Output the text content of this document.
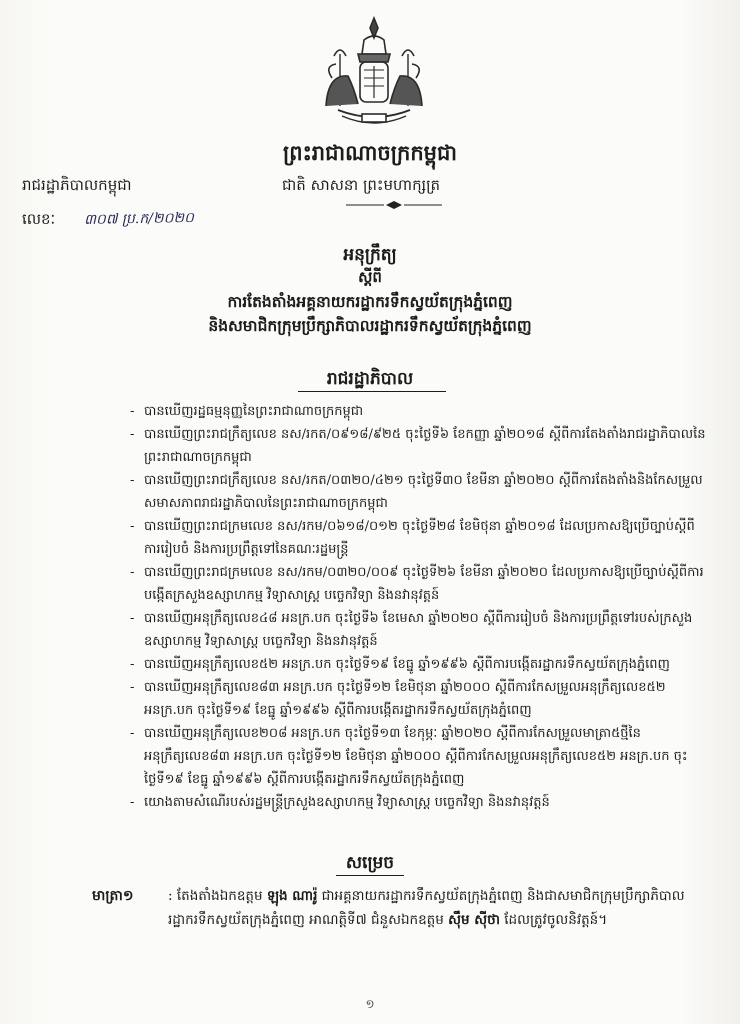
ព្រះរាជាណាចក្រកម្ពុជា
រាជរដ្ឋាភិបាលកម្ពុជា	ជាតិ សាសនា ព្រះមហាក្សត្រ
លេខៈ ៣០៧ ប្រ.ក/២០២០
អនុក្រឹត្យ
ស្តីពី
ការតែងតាំងអគ្គនាយករដ្ឋាករទឹកស្វយ័តក្រុងភ្នំពេញ
និងសមាជិកក្រុមប្រឹក្សាភិបាលរដ្ឋាករទឹកស្វយ័តក្រុងភ្នំពេញ
រាជរដ្ឋាភិបាល
- បានឃើញរដ្ឋធម្មនុញ្ញនៃព្រះរាជាណាចក្រកម្ពុជា
- បានឃើញព្រះរាជក្រឹត្យលេខ នស/រកត/០៩១៨/៩២៥ ចុះថ្ងៃទី៦ ខែកញ្ញា ឆ្នាំ២០១៨ ស្តីពីការតែងតាំងរាជរដ្ឋាភិបាលនៃព្រះរាជាណាចក្រកម្ពុជា
- បានឃើញព្រះរាជក្រឹត្យលេខ នស/រកត/០៣២០/៤២១ ចុះថ្ងៃទី៣០ ខែមីនា ឆ្នាំ២០២០ ស្តីពីការតែងតាំងនិងកែសម្រួលសមាសភាពរាជរដ្ឋាភិបាលនៃព្រះរាជាណាចក្រកម្ពុជា
- បានឃើញព្រះរាជក្រមលេខ នស/រកម/០៦១៨/០១២ ចុះថ្ងៃទី២៨ ខែមិថុនា ឆ្នាំ២០១៨ ដែលប្រកាសឱ្យប្រើច្បាប់ស្តីពីការរៀបចំ និងការប្រព្រឹត្តទៅនៃគណៈរដ្ឋមន្ត្រី
- បានឃើញព្រះរាជក្រមលេខ នស/រកម/០៣២០/០០៩ ចុះថ្ងៃទី២៦ ខែមីនា ឆ្នាំ២០២០ ដែលប្រកាសឱ្យប្រើច្បាប់ស្តីពីការបង្កើតក្រសួងឧស្សាហកម្ម វិទ្យាសាស្ត្រ បច្ចេកវិទ្យា និងនវានុវត្តន៍
- បានឃើញអនុក្រឹត្យលេខ៤៨ អនក្រ.បក ចុះថ្ងៃទី៦ ខែមេសា ឆ្នាំ២០២០ ស្តីពីការរៀបចំ និងការប្រព្រឹត្តទៅរបស់ក្រសួងឧស្សាហកម្ម វិទ្យាសាស្ត្រ បច្ចេកវិទ្យា និងនវានុវត្តន៍
- បានឃើញអនុក្រឹត្យលេខ៥២ អនក្រ.បក ចុះថ្ងៃទី១៩ ខែធ្នូ ឆ្នាំ១៩៩៦ ស្តីពីការបង្កើតរដ្ឋាករទឹកស្វយ័តក្រុងភ្នំពេញ
- បានឃើញអនុក្រឹត្យលេខ៨៣ អនក្រ.បក ចុះថ្ងៃទី១២ ខែមិថុនា ឆ្នាំ២០០០ ស្តីពីការកែសម្រួលអនុក្រឹត្យលេខ៥២ អនក្រ.បក ចុះថ្ងៃទី១៩ ខែធ្នូ ឆ្នាំ១៩៩៦ ស្តីពីការបង្កើតរដ្ឋាករទឹកស្វយ័តក្រុងភ្នំពេញ
- បានឃើញអនុក្រឹត្យលេខ២០៨ អនក្រ.បក ចុះថ្ងៃទី១៣ ខែកុម្ភៈ ឆ្នាំ២០២០ ស្តីពីការកែសម្រួលមាត្រា៥ថ្មីនៃអនុក្រឹត្យលេខ៨៣ អនក្រ.បក ចុះថ្ងៃទី១២ ខែមិថុនា ឆ្នាំ២០០០ ស្តីពីការកែសម្រួលអនុក្រឹត្យលេខ៥២ អនក្រ.បក ចុះថ្ងៃទី១៩ ខែធ្នូ ឆ្នាំ១៩៩៦ ស្តីពីការបង្កើតរដ្ឋាករទឹកស្វយ័តក្រុងភ្នំពេញ
- យោងតាមសំណើរបស់រដ្ឋមន្ត្រីក្រសួងឧស្សាហកម្ម វិទ្យាសាស្ត្រ បច្ចេកវិទ្យា និងនវានុវត្តន៍
សម្រេច
មាត្រា១	: តែងតាំងឯកឧត្តម ឡុង ណារ៉ូ ជាអគ្គនាយករដ្ឋាករទឹកស្វយ័តក្រុងភ្នំពេញ និងជាសមាជិកក្រុមប្រឹក្សាភិបាលរដ្ឋាករទឹកស្វយ័តក្រុងភ្នំពេញ អាណត្តិទី៧ ជំនួសឯកឧត្តម ស៊ឹម ស៊ីថា ដែលត្រូវចូលនិវត្តន៍។
១
